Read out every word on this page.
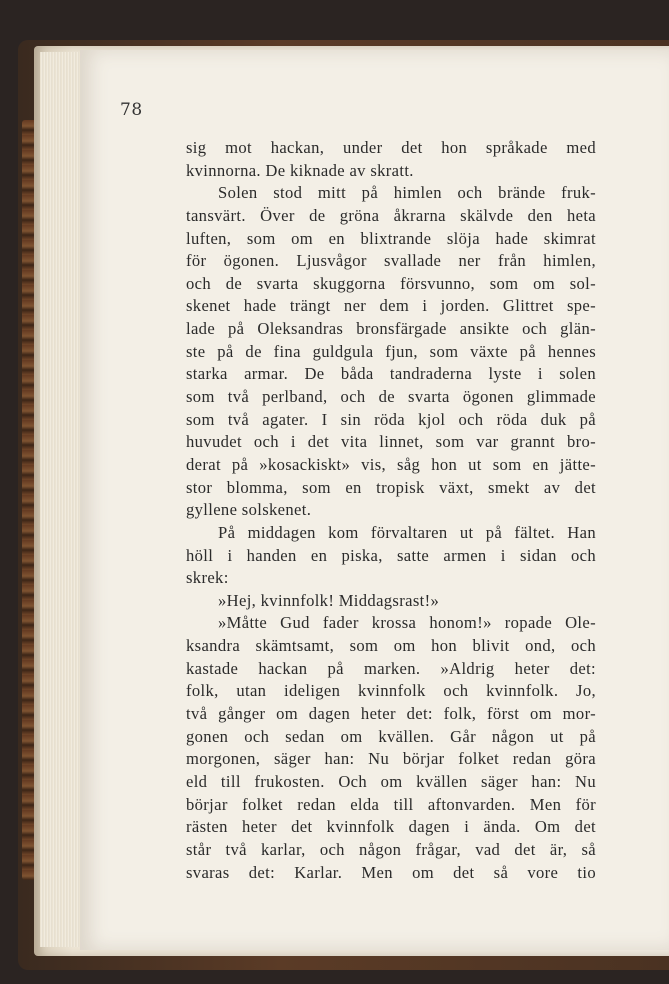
78
sig mot hackan, under det hon språkade med
kvinnorna. De kiknade av skratt.
Solen stod mitt på himlen och brände fruk-
tansvärt. Över de gröna åkrarna skälvde den heta
luften, som om en blixtrande slöja hade skimrat
för ögonen. Ljusvågor svallade ner från himlen,
och de svarta skuggorna försvunno, som om sol-
skenet hade trängt ner dem i jorden. Glittret spe-
lade på Oleksandras bronsfärgade ansikte och glän-
ste på de fina guldgula fjun, som växte på hennes
starka armar. De båda tandraderna lyste i solen
som två perlband, och de svarta ögonen glimmade
som två agater. I sin röda kjol och röda duk på
huvudet och i det vita linnet, som var grannt bro-
derat på »kosackiskt» vis, såg hon ut som en jätte-
stor blomma, som en tropisk växt, smekt av det
gyllene solskenet.
På middagen kom förvaltaren ut på fältet. Han
höll i handen en piska, satte armen i sidan och
skrek:
»Hej, kvinnfolk! Middagsrast!»
»Måtte Gud fader krossa honom!» ropade Ole-
ksandra skämtsamt, som om hon blivit ond, och
kastade hackan på marken. »Aldrig heter det:
folk, utan ideligen kvinnfolk och kvinnfolk. Jo,
två gånger om dagen heter det: folk, först om mor-
gonen och sedan om kvällen. Går någon ut på
morgonen, säger han: Nu börjar folket redan göra
eld till frukosten. Och om kvällen säger han: Nu
börjar folket redan elda till aftonvarden. Men för
rästen heter det kvinnfolk dagen i ända. Om det
står två karlar, och någon frågar, vad det är, så
svaras det: Karlar. Men om det så vore tio
